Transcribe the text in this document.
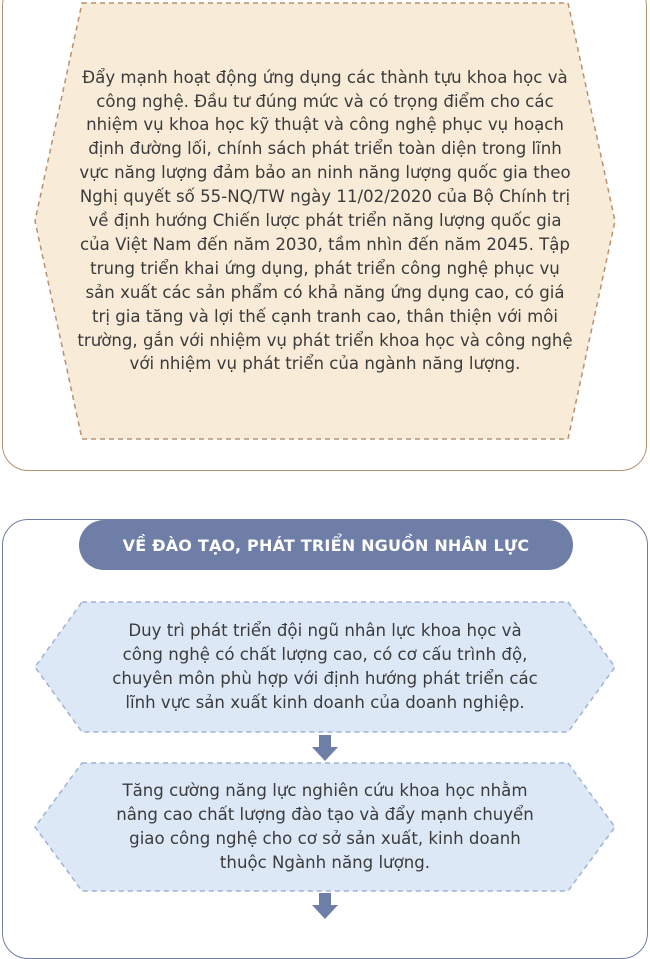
Đẩy mạnh hoạt động ứng dụng các thành tựu khoa học và công nghệ. Đầu tư đúng mức và có trọng điểm cho các nhiệm vụ khoa học kỹ thuật và công nghệ phục vụ hoạch định đường lối, chính sách phát triển toàn diện trong lĩnh vực năng lượng đảm bảo an ninh năng lượng quốc gia theo Nghị quyết số 55-NQ/TW ngày 11/02/2020 của Bộ Chính trị về định hướng Chiến lược phát triển năng lượng quốc gia của Việt Nam đến năm 2030, tầm nhìn đến năm 2045. Tập trung triển khai ứng dụng, phát triển công nghệ phục vụ sản xuất các sản phẩm có khả năng ứng dụng cao, có giá trị gia tăng và lợi thế cạnh tranh cao, thân thiện với môi trường, gắn với nhiệm vụ phát triển khoa học và công nghệ với nhiệm vụ phát triển của ngành năng lượng.
VỀ ĐÀO TẠO, PHÁT TRIỂN NGUỒN NHÂN LỰC
Duy trì phát triển đội ngũ nhân lực khoa học và công nghệ có chất lượng cao, có cơ cấu trình độ, chuyên môn phù hợp với định hướng phát triển các lĩnh vực sản xuất kinh doanh của doanh nghiệp.
Tăng cường năng lực nghiên cứu khoa học nhằm nâng cao chất lượng đào tạo và đẩy mạnh chuyển giao công nghệ cho cơ sở sản xuất, kinh doanh thuộc Ngành năng lượng.
